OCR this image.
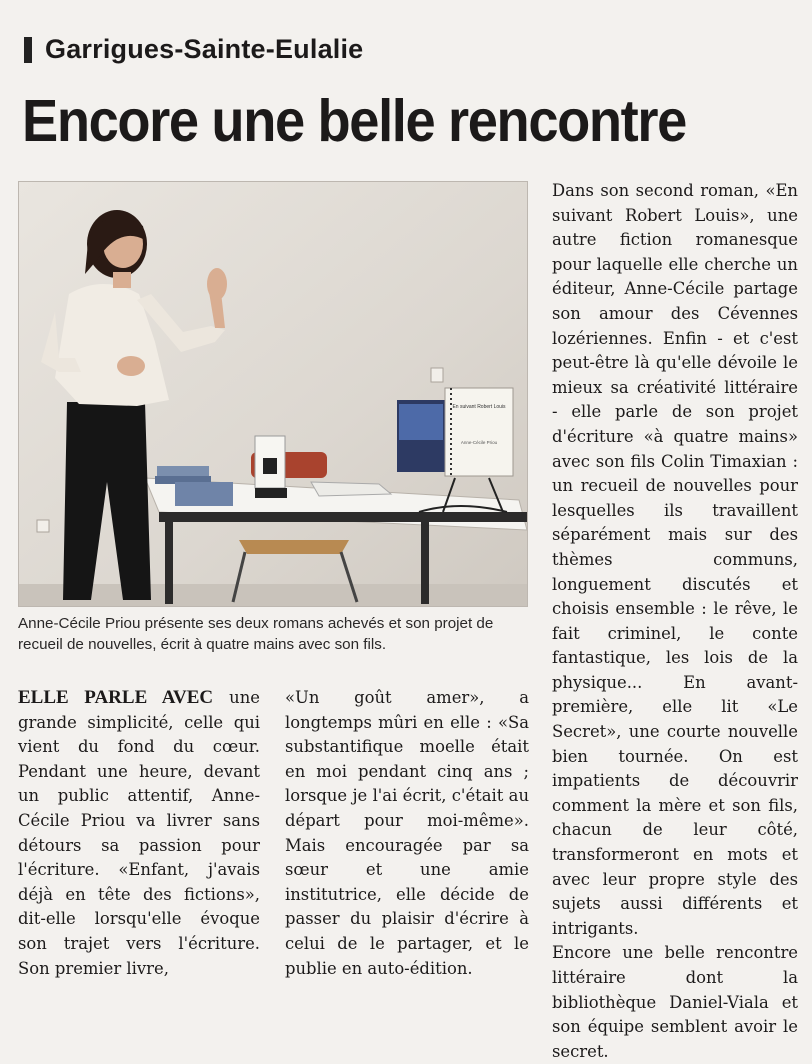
Garrigues-Sainte-Eulalie
Encore une belle rencontre
En suivant Robert Louis
Anne-Cécile Priou
Anne-Cécile Priou présente ses deux romans achevés et son projet de recueil de nouvelles, écrit à quatre mains avec son fils.

ELLE PARLE AVEC une grande simplicité, celle qui vient du fond du cœur. Pendant une heure, devant un public attentif, Anne-Cécile Priou va livrer sans détours sa passion pour l'écriture. «Enfant, j'avais déjà en tête des fictions», dit-elle lorsqu'elle évoque son trajet vers l'écriture. Son premier livre,

«Un goût amer», a longtemps mûri en elle : «Sa substantifique moelle était en moi pendant cinq ans ; lorsque je l'ai écrit, c'était au départ pour moi-même». Mais encouragée par sa sœur et une amie institutrice, elle décide de passer du plaisir d'écrire à celui de le partager, et le publie en auto-édition.

Dans son second roman, «En suivant Robert Louis», une autre fiction romanesque pour laquelle elle cherche un éditeur, Anne-Cécile partage son amour des Cévennes lozériennes. Enfin - et c'est peut-être là qu'elle dévoile le mieux sa créativité littéraire - elle parle de son projet d'écriture «à quatre mains» avec son fils Colin Timaxian : un recueil de nouvelles pour lesquelles ils travaillent séparément mais sur des thèmes communs, longuement discutés et choisis ensemble : le rêve, le fait criminel, le conte fantastique, les lois de la physique... En avant-première, elle lit «Le Secret», une courte nouvelle bien tournée. On est impatients de découvrir comment la mère et son fils, chacun de leur côté, transformeront en mots et avec leur propre style des sujets aussi différents et intrigants.

Encore une belle rencontre littéraire dont la bibliothèque Daniel-Viala et son équipe semblent avoir le secret.
